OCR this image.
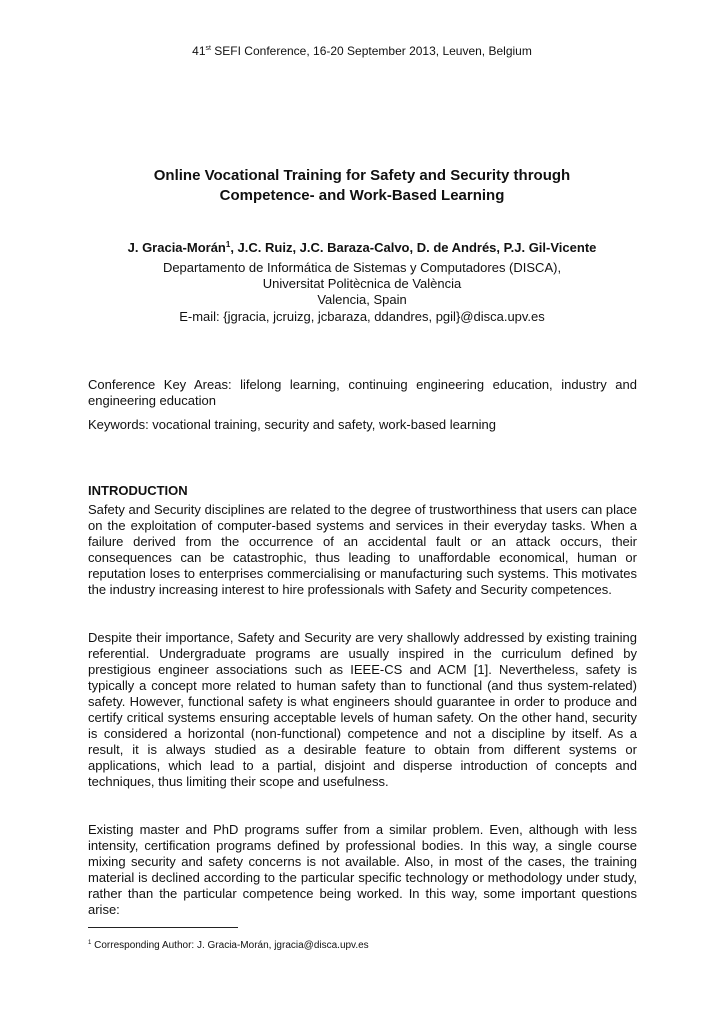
41st SEFI Conference, 16-20 September 2013, Leuven, Belgium
Online Vocational Training for Safety and Security through
Competence- and Work-Based Learning
J. Gracia-Morán$^1$, J.C. Ruiz, J.C. Baraza-Calvo, D. de Andrés, P.J. Gil-Vicente
Departamento de Informática de Sistemas y Computadores (DISCA),
Universitat Politècnica de València
Valencia, Spain
E-mail: {jgracia, jcruizg, jcbaraza, ddandres, pgil}@disca.upv.es
Conference Key Areas: lifelong learning, continuing engineering education, industry and engineering education
Keywords: vocational training, security and safety, work-based learning
INTRODUCTION
Safety and Security disciplines are related to the degree of trustworthiness that users can place on the exploitation of computer-based systems and services in their everyday tasks. When a failure derived from the occurrence of an accidental fault or an attack occurs, their consequences can be catastrophic, thus leading to unaffordable economical, human or reputation loses to enterprises commercialising or manufacturing such systems. This motivates the industry increasing interest to hire professionals with Safety and Security competences.
Despite their importance, Safety and Security are very shallowly addressed by existing training referential. Undergraduate programs are usually inspired in the curriculum defined by prestigious engineer associations such as IEEE-CS and ACM [1]. Nevertheless, safety is typically a concept more related to human safety than to functional (and thus system-related) safety. However, functional safety is what engineers should guarantee in order to produce and certify critical systems ensuring acceptable levels of human safety. On the other hand, security is considered a horizontal (non-functional) competence and not a discipline by itself. As a result, it is always studied as a desirable feature to obtain from different systems or applications, which lead to a partial, disjoint and disperse introduction of concepts and techniques, thus limiting their scope and usefulness.
Existing master and PhD programs suffer from a similar problem. Even, although with less intensity, certification programs defined by professional bodies. In this way, a single course mixing security and safety concerns is not available. Also, in most of the cases, the training material is declined according to the particular specific technology or methodology under study, rather than the particular competence being worked. In this way, some important questions arise:
$^1$ Corresponding Author: J. Gracia-Morán, jgracia@disca.upv.es
